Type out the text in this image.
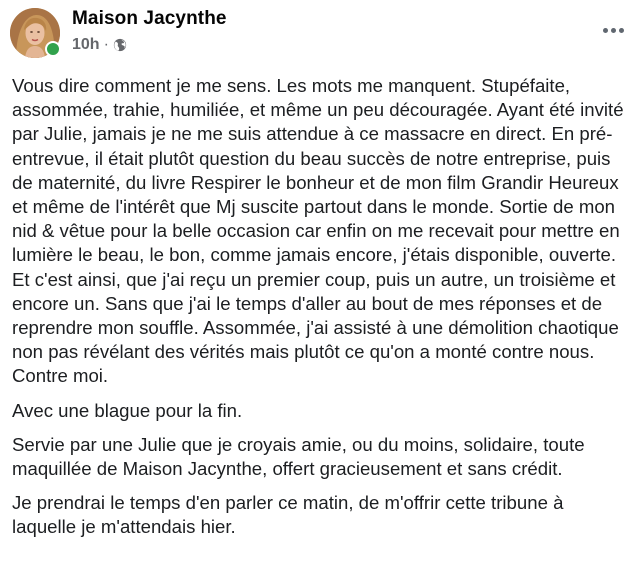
Maison Jacynthe
10h ·

Vous dire comment je me sens. Les mots me manquent. Stupéfaite, assommée, trahie, humiliée, et même un peu découragée. Ayant été invité par Julie, jamais je ne me suis attendue à ce massacre en direct. En pré-entrevue, il était plutôt question du beau succès de notre entreprise, puis de maternité, du livre Respirer le bonheur et de mon film Grandir Heureux et même de l'intérêt que Mj suscite partout dans le monde. Sortie de mon nid & vêtue pour la belle occasion car enfin on me recevait pour mettre en lumière le beau, le bon, comme jamais encore, j'étais disponible, ouverte. Et c'est ainsi, que j'ai reçu un premier coup, puis un autre, un troisième et encore un. Sans que j'ai le temps d'aller au bout de mes réponses et de reprendre mon souffle. Assommée, j'ai assisté à une démolition chaotique non pas révélant des vérités mais plutôt ce qu'on a monté contre nous. Contre moi.

Avec une blague pour la fin.

Servie par une Julie que je croyais amie, ou du moins, solidaire, toute maquillée de Maison Jacynthe, offert gracieusement et sans crédit.

Je prendrai le temps d'en parler ce matin, de m'offrir cette tribune à laquelle je m'attendais hier.
